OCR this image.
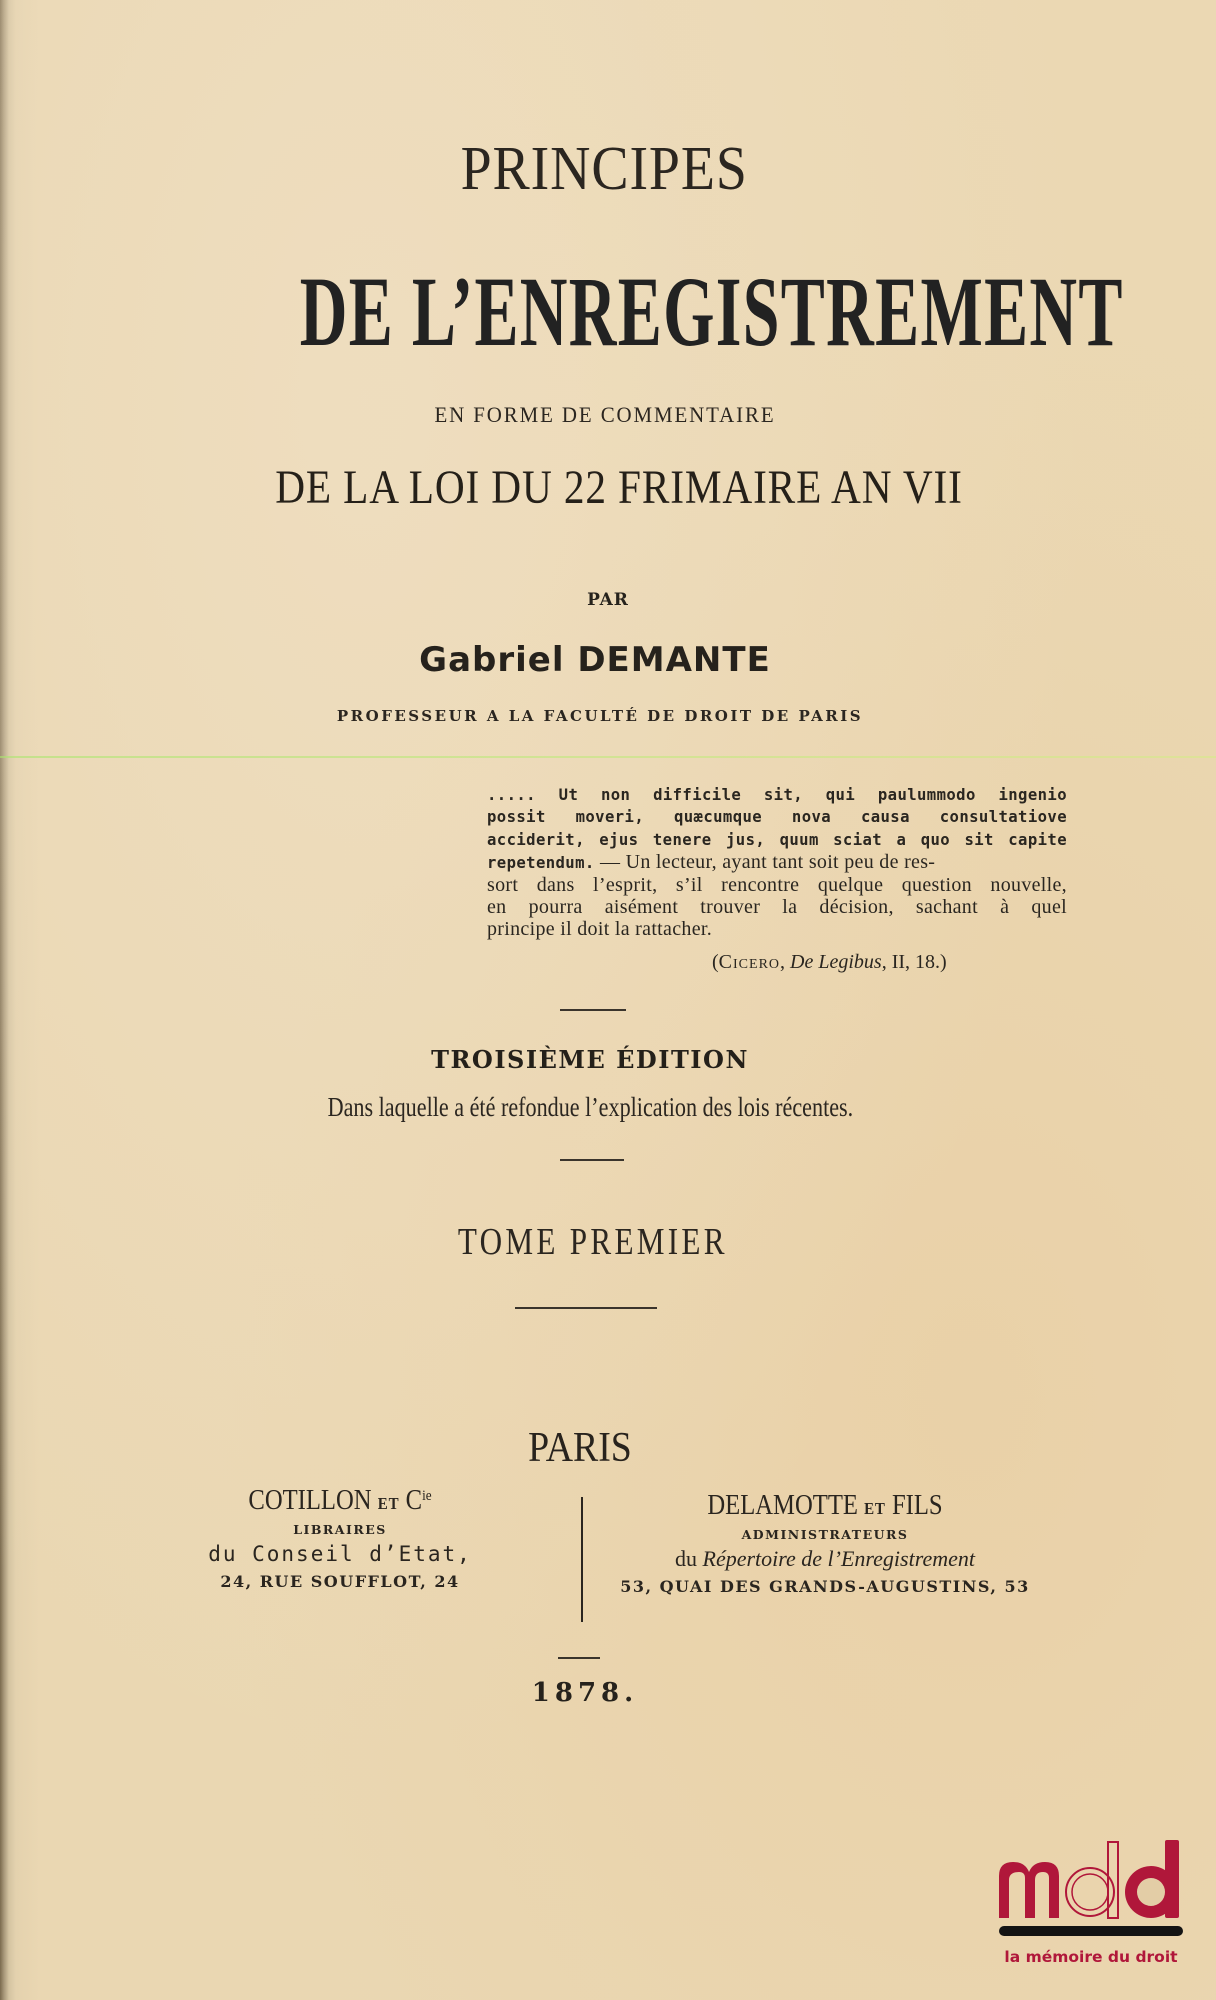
PRINCIPES
DE L’ENREGISTREMENT
EN FORME DE COMMENTAIRE
DE LA LOI DU 22 FRIMAIRE AN VII
PAR
Gabriel DEMANTE
PROFESSEUR A LA FACULTÉ DE DROIT DE PARIS
..... Ut non difficile sit, qui paulummodo ingenio
possit moveri, quæcumque nova causa consultatiove
acciderit, ejus tenere jus, quum sciat a quo sit capite
repetendum. — Un lecteur, ayant tant soit peu de res-
sort dans l’esprit, s’il rencontre quelque question nouvelle,
en pourra aisément trouver la décision, sachant à quel
principe il doit la rattacher.
(Cicero, De Legibus, II, 18.)
TROISIÈME ÉDITION
Dans laquelle a été refondue l’explication des lois récentes.
TOME PREMIER
PARIS
COTILLON ET $C^{ie}$
LIBRAIRES
du Conseil d’Etat,
24, RUE SOUFFLOT, 24
DELAMOTTE ET FILS
ADMINISTRATEURS
du Répertoire de l’Enregistrement
53, QUAI DES GRANDS-AUGUSTINS, 53
1878.
la mémoire du droit
